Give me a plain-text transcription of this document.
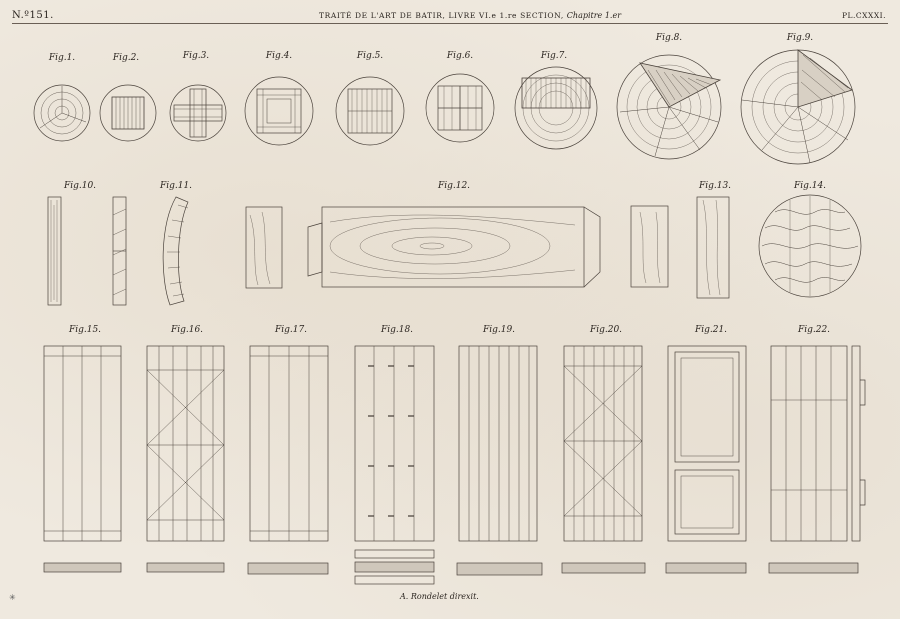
N.º151.	TRAITÉ DE L'ART DE BATIR, LIVRE VI.e 1.re SECTION, Chapitre 1.er	PL.CXXXI.
Fig.1.	Fig.2.	Fig.3.	Fig.4.	Fig.5.	Fig.6.	Fig.7.
Fig.8.	Fig.9.
Fig.10.	Fig.11.	Fig.12.	Fig.13.	Fig.14.
Fig.15.	Fig.16.	Fig.17.	Fig.18.	Fig.19.	Fig.20.	Fig.21.	Fig.22.
A. Rondelet direxit.
✳
